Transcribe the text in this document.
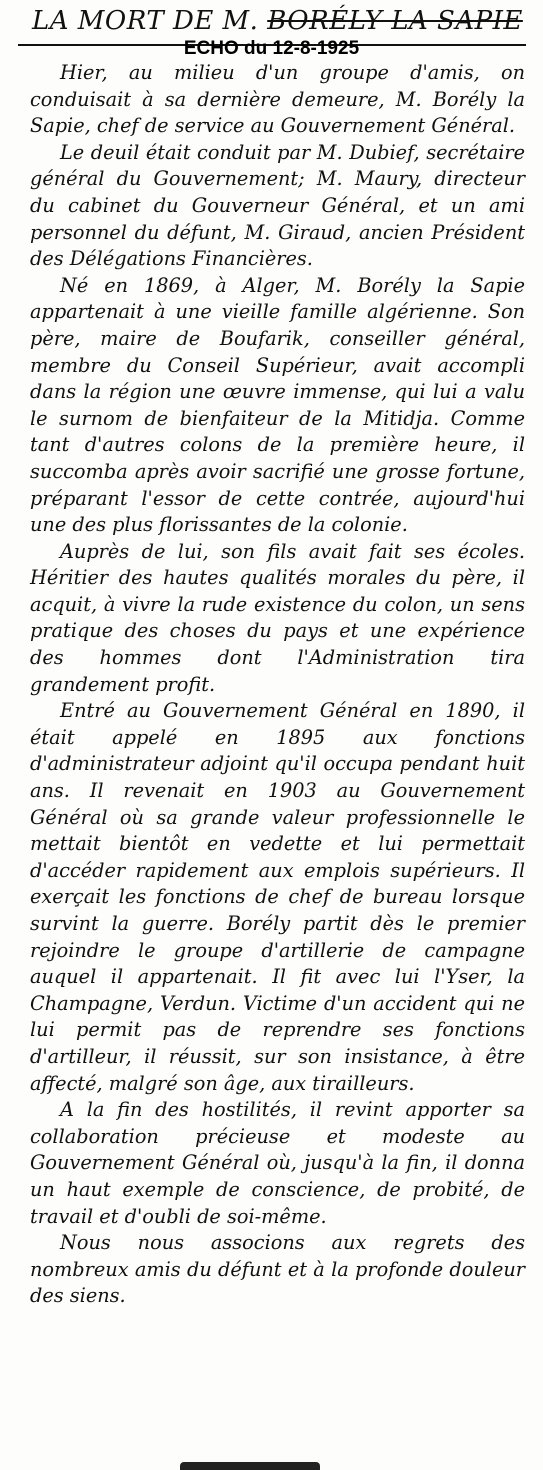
LA MORT DE M. BORÉLY LA SAPIE
ECHO du 12-8-1925

Hier, au milieu d'un groupe d'amis, on conduisait à sa dernière demeure, M. Borély la Sapie, chef de service au Gouvernement Général.

Le deuil était conduit par M. Dubief, secrétaire général du Gouvernement; M. Maury, directeur du cabinet du Gouverneur Général, et un ami personnel du défunt, M. Giraud, ancien Président des Délégations Financières.

Né en 1869, à Alger, M. Borély la Sapie appartenait à une vieille famille algérienne. Son père, maire de Boufarik, conseiller général, membre du Conseil Supérieur, avait accompli dans la région une œuvre immense, qui lui a valu le surnom de bienfaiteur de la Mitidja. Comme tant d'autres colons de la première heure, il succomba après avoir sacrifié une grosse fortune, préparant l'essor de cette contrée, aujourd'hui une des plus florissantes de la colonie.

Auprès de lui, son fils avait fait ses écoles. Héritier des hautes qualités morales du père, il acquit, à vivre la rude existence du colon, un sens pratique des choses du pays et une expérience des hommes dont l'Administration tira grandement profit.

Entré au Gouvernement Général en 1890, il était appelé en 1895 aux fonctions d'administrateur adjoint qu'il occupa pendant huit ans. Il revenait en 1903 au Gouvernement Général où sa grande valeur professionnelle le mettait bientôt en vedette et lui permettait d'accéder rapidement aux emplois supérieurs. Il exerçait les fonctions de chef de bureau lorsque survint la guerre. Borély partit dès le premier rejoindre le groupe d'artillerie de campagne auquel il appartenait. Il fit avec lui l'Yser, la Champagne, Verdun. Victime d'un accident qui ne lui permit pas de reprendre ses fonctions d'artilleur, il réussit, sur son insistance, à être affecté, malgré son âge, aux tirailleurs.

A la fin des hostilités, il revint apporter sa collaboration précieuse et modeste au Gouvernement Général où, jusqu'à la fin, il donna un haut exemple de conscience, de probité, de travail et d'oubli de soi-même.

Nous nous associons aux regrets des nombreux amis du défunt et à la profonde douleur des siens.
